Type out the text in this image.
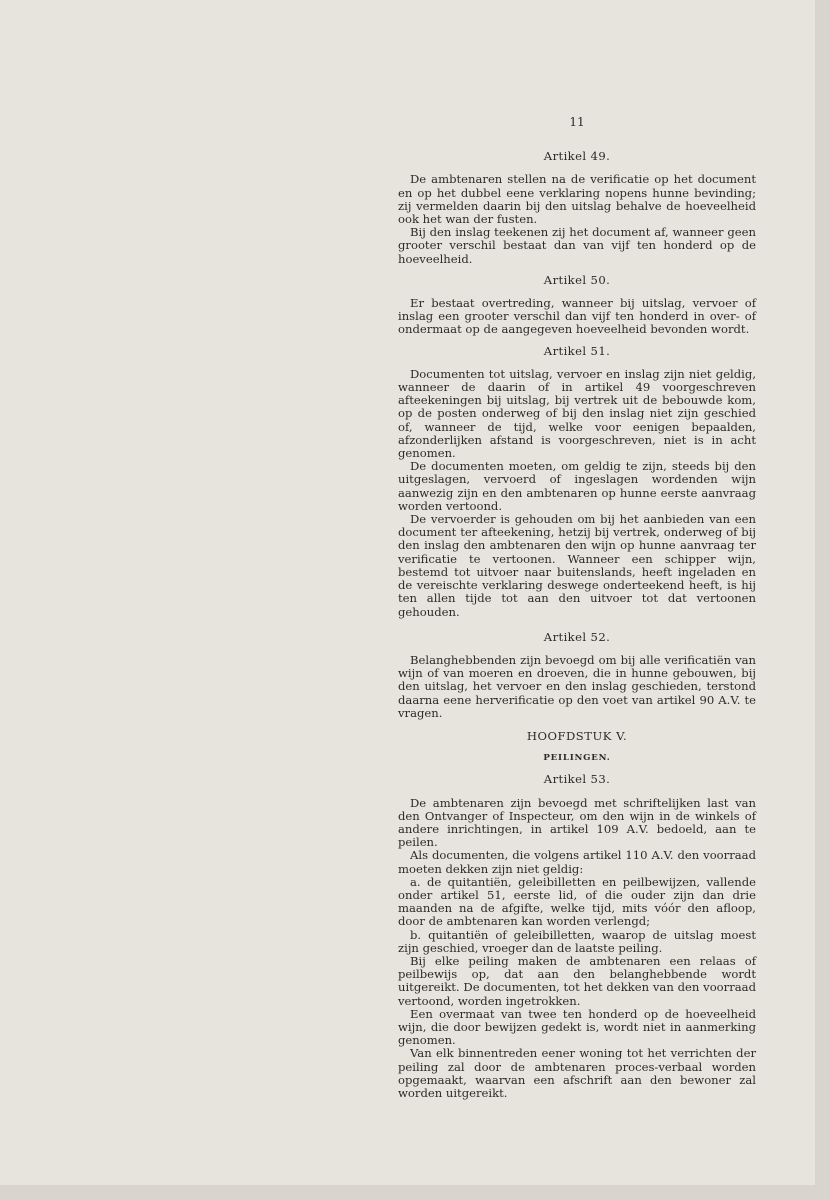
11
Artikel 49.

De ambtenaren stellen na de verificatie op het document en op het dubbel eene verklaring nopens hunne bevinding; zij vermelden daarin bij den uitslag behalve de hoeveelheid ook het wan der fusten.

Bij den inslag teekenen zij het document af, wanneer geen grooter verschil bestaat dan van vijf ten honderd op de hoeveelheid.

Artikel 50.

Er bestaat overtreding, wanneer bij uitslag, vervoer of inslag een grooter verschil dan vijf ten honderd in over- of ondermaat op de aangegeven hoeveelheid bevonden wordt.

Artikel 51.

Documenten tot uitslag, vervoer en inslag zijn niet geldig, wanneer de daarin of in artikel 49 voorgeschreven afteekeningen bij uitslag, bij vertrek uit de bebouwde kom, op de posten onderweg of bij den inslag niet zijn geschied of, wanneer de tijd, welke voor eenigen bepaalden, afzonderlijken afstand is voorgeschreven, niet is in acht genomen.

De documenten moeten, om geldig te zijn, steeds bij den uitgeslagen, vervoerd of ingeslagen wordenden wijn aanwezig zijn en den ambtenaren op hunne eerste aanvraag worden vertoond.

De vervoerder is gehouden om bij het aanbieden van een document ter afteekening, hetzij bij vertrek, onderweg of bij den inslag den ambtenaren den wijn op hunne aanvraag ter verificatie te vertoonen. Wanneer een schipper wijn, bestemd tot uitvoer naar buitenslands, heeft ingeladen en de vereischte verklaring deswege onderteekend heeft, is hij ten allen tijde tot aan den uitvoer tot dat vertoonen gehouden.

Artikel 52.

Belanghebbenden zijn bevoegd om bij alle verificatiën van wijn of van moeren en droeven, die in hunne gebouwen, bij den uitslag, het vervoer en den inslag geschieden, terstond daarna eene herverificatie op den voet van artikel 90 A.V. te vragen.

HOOFDSTUK V.
PEILINGEN.
Artikel 53.

De ambtenaren zijn bevoegd met schriftelijken last van den Ontvanger of Inspecteur, om den wijn in de winkels of andere inrichtingen, in artikel 109 A.V. bedoeld, aan te peilen.

Als documenten, die volgens artikel 110 A.V. den voorraad moeten dekken zijn niet geldig:

a. de quitantiën, geleibilletten en peilbewijzen, vallende onder artikel 51, eerste lid, of die ouder zijn dan drie maanden na de afgifte, welke tijd, mits vóór den afloop, door de ambtenaren kan worden verlengd;

b. quitantiën of geleibilletten, waarop de uitslag moest zijn geschied, vroeger dan de laatste peiling.

Bij elke peiling maken de ambtenaren een relaas of peilbewijs op, dat aan den belanghebbende wordt uitgereikt. De documenten, tot het dekken van den voorraad vertoond, worden ingetrokken.

Een overmaat van twee ten honderd op de hoeveelheid wijn, die door bewijzen gedekt is, wordt niet in aanmerking genomen.

Van elk binnentreden eener woning tot het verrichten der peiling zal door de ambtenaren proces-verbaal worden opgemaakt, waarvan een afschrift aan den bewoner zal worden uitgereikt.
